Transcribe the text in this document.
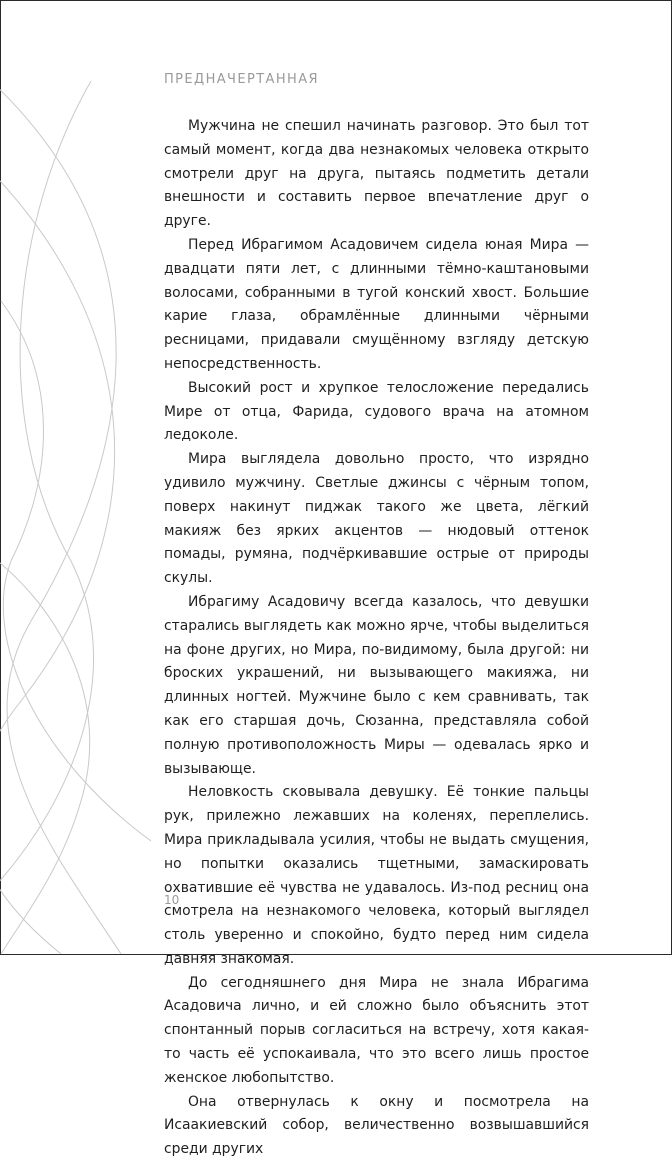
ПРЕДНАЧЕРТАННАЯ

Мужчина не спешил начинать разговор. Это был тот самый момент, когда два незнакомых человека открыто смотрели друг на друга, пытаясь подметить детали внешности и составить первое впечатление друг о друге.

Перед Ибрагимом Асадовичем сидела юная Мира — двадцати пяти лет, с длинными тёмно-каштановыми волосами, собранными в тугой конский хвост. Большие карие глаза, обрамлённые длинными чёрными ресницами, придавали смущённому взгляду детскую непосредственность.

Высокий рост и хрупкое телосложение передались Мире от отца, Фарида, судового врача на атомном ледоколе.

Мира выглядела довольно просто, что изрядно удивило мужчину. Светлые джинсы с чёрным топом, поверх накинут пиджак такого же цвета, лёгкий макияж без ярких акцентов — нюдовый оттенок помады, румяна, подчёркивавшие острые от природы скулы.

Ибрагиму Асадовичу всегда казалось, что девушки старались выглядеть как можно ярче, чтобы выделиться на фоне других, но Мира, по-видимому, была другой: ни броских украшений, ни вызывающего макияжа, ни длинных ногтей. Мужчине было с кем сравнивать, так как его старшая дочь, Сюзанна, представляла собой полную противоположность Миры — одевалась ярко и вызывающе.

Неловкость сковывала девушку. Её тонкие пальцы рук, прилежно лежавших на коленях, переплелись. Мира прикладывала усилия, чтобы не выдать смущения, но попытки оказались тщетными, замаскировать охватившие её чувства не удавалось. Из-под ресниц она смотрела на незнакомого человека, который выглядел столь уверенно и спокойно, будто перед ним сидела давняя знакомая.

До сегодняшнего дня Мира не знала Ибрагима Асадовича лично, и ей сложно было объяснить этот спонтанный порыв согласиться на встречу, хотя какая-то часть её успокаивала, что это всего лишь простое женское любопытство.

Она отвернулась к окну и посмотрела на Исаакиевский собор, величественно возвышавшийся среди других

10
